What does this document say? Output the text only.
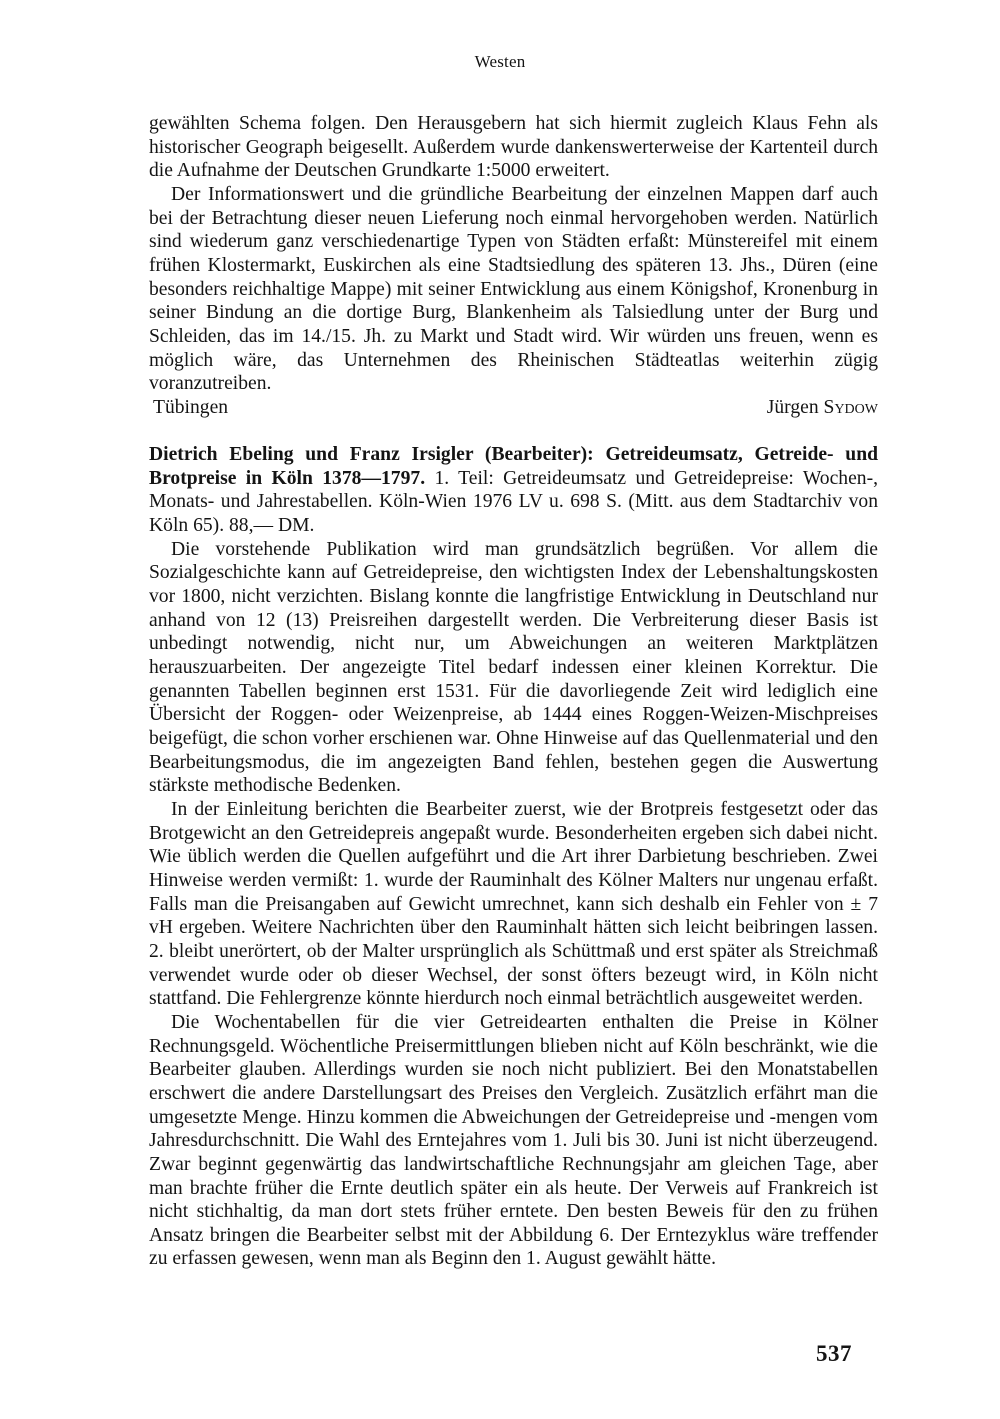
Westen

gewählten Schema folgen. Den Herausgebern hat sich hiermit zugleich Klaus Fehn als historischer Geograph beigesellt. Außerdem wurde dankenswerterweise der Kartenteil durch die Aufnahme der Deutschen Grundkarte 1:5000 erweitert.

Der Informationswert und die gründliche Bearbeitung der einzelnen Mappen darf auch bei der Betrachtung dieser neuen Lieferung noch einmal hervorgehoben werden. Natürlich sind wiederum ganz verschiedenartige Typen von Städten erfaßt: Münstereifel mit einem frühen Klostermarkt, Euskirchen als eine Stadtsiedlung des späteren 13. Jhs., Düren (eine besonders reichhaltige Mappe) mit seiner Entwicklung aus einem Königshof, Kronenburg in seiner Bindung an die dortige Burg, Blankenheim als Talsiedlung unter der Burg und Schleiden, das im 14./15. Jh. zu Markt und Stadt wird. Wir würden uns freuen, wenn es möglich wäre, das Unternehmen des Rheinischen Städteatlas weiterhin zügig voranzutreiben.

Tübingen	Jürgen Sydow

Dietrich Ebeling und Franz Irsigler (Bearbeiter): Getreideumsatz, Getreide- und Brotpreise in Köln 1378—1797. 1. Teil: Getreideumsatz und Getreidepreise: Wochen-, Monats- und Jahrestabellen. Köln-Wien 1976 LV u. 698 S. (Mitt. aus dem Stadtarchiv von Köln 65). 88,— DM.

Die vorstehende Publikation wird man grundsätzlich begrüßen. Vor allem die Sozialgeschichte kann auf Getreidepreise, den wichtigsten Index der Lebenshaltungskosten vor 1800, nicht verzichten. Bislang konnte die langfristige Entwicklung in Deutschland nur anhand von 12 (13) Preisreihen dargestellt werden. Die Verbreiterung dieser Basis ist unbedingt notwendig, nicht nur, um Abweichungen an weiteren Marktplätzen herauszuarbeiten. Der angezeigte Titel bedarf indessen einer kleinen Korrektur. Die genannten Tabellen beginnen erst 1531. Für die davorliegende Zeit wird lediglich eine Übersicht der Roggen- oder Weizenpreise, ab 1444 eines Roggen-Weizen-Mischpreises beigefügt, die schon vorher erschienen war. Ohne Hinweise auf das Quellenmaterial und den Bearbeitungsmodus, die im angezeigten Band fehlen, bestehen gegen die Auswertung stärkste methodische Bedenken.

In der Einleitung berichten die Bearbeiter zuerst, wie der Brotpreis festgesetzt oder das Brotgewicht an den Getreidepreis angepaßt wurde. Besonderheiten ergeben sich dabei nicht. Wie üblich werden die Quellen aufgeführt und die Art ihrer Darbietung beschrieben. Zwei Hinweise werden vermißt: 1. wurde der Rauminhalt des Kölner Malters nur ungenau erfaßt. Falls man die Preisangaben auf Gewicht umrechnet, kann sich deshalb ein Fehler von ± 7 vH ergeben. Weitere Nachrichten über den Rauminhalt hätten sich leicht beibringen lassen. 2. bleibt unerörtert, ob der Malter ursprünglich als Schüttmaß und erst später als Streichmaß verwendet wurde oder ob dieser Wechsel, der sonst öfters bezeugt wird, in Köln nicht stattfand. Die Fehlergrenze könnte hierdurch noch einmal beträchtlich ausgeweitet werden.

Die Wochentabellen für die vier Getreidearten enthalten die Preise in Kölner Rechnungsgeld. Wöchentliche Preisermittlungen blieben nicht auf Köln beschränkt, wie die Bearbeiter glauben. Allerdings wurden sie noch nicht publiziert. Bei den Monatstabellen erschwert die andere Darstellungsart des Preises den Vergleich. Zusätzlich erfährt man die umgesetzte Menge. Hinzu kommen die Abweichungen der Getreidepreise und -mengen vom Jahresdurchschnitt. Die Wahl des Erntejahres vom 1. Juli bis 30. Juni ist nicht überzeugend. Zwar beginnt gegenwärtig das landwirtschaftliche Rechnungsjahr am gleichen Tage, aber man brachte früher die Ernte deutlich später ein als heute. Der Verweis auf Frankreich ist nicht stichhaltig, da man dort stets früher erntete. Den besten Beweis für den zu frühen Ansatz bringen die Bearbeiter selbst mit der Abbildung 6. Der Erntezyklus wäre treffender zu erfassen gewesen, wenn man als Beginn den 1. August gewählt hätte.

537
